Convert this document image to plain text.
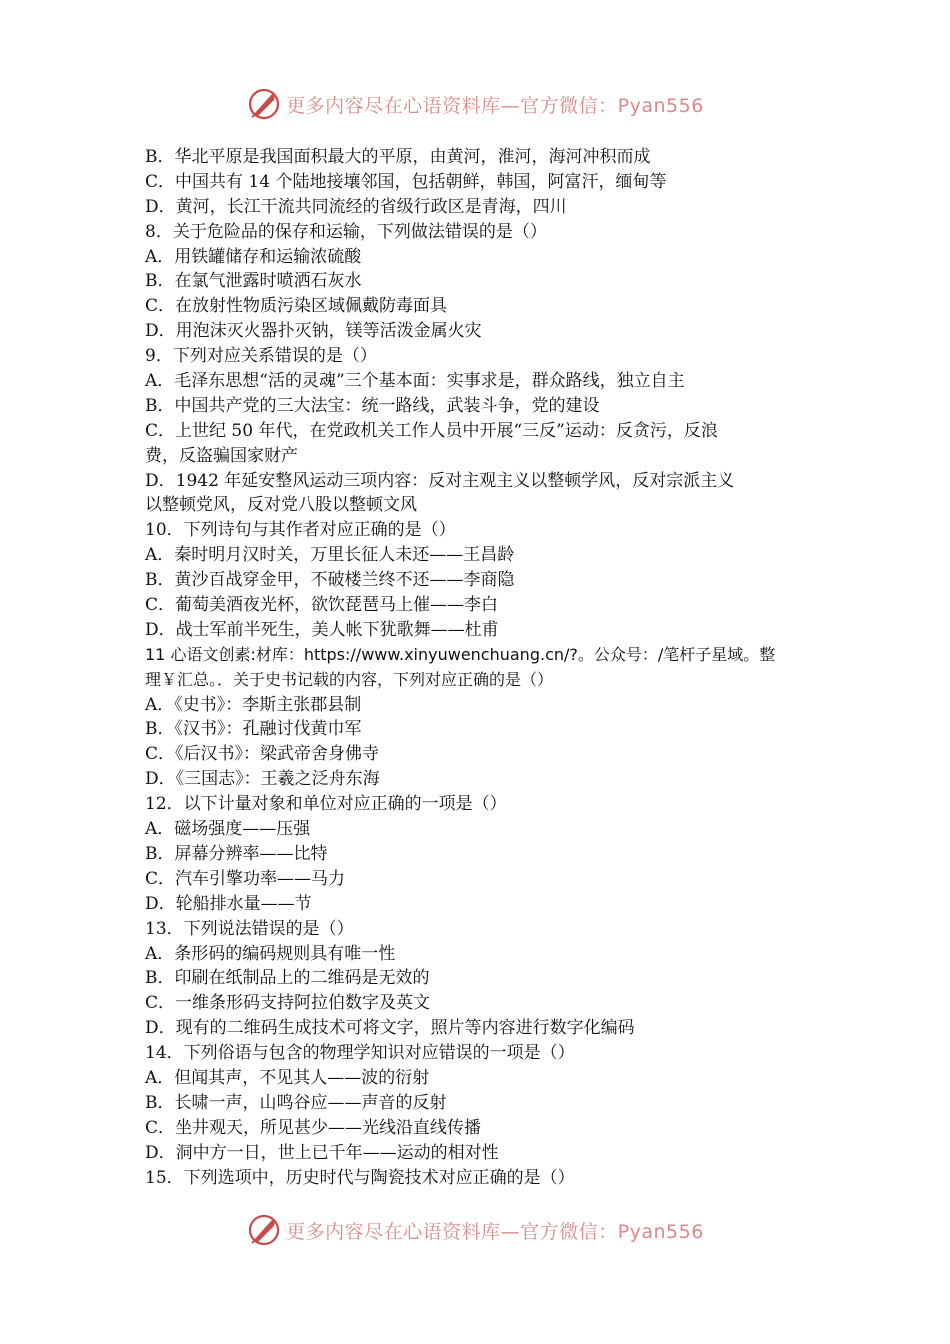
更多内容尽在心语资料库—官方微信：Pyan556
B．华北平原是我国面积最大的平原，由黄河，淮河，海河冲积而成
C．中国共有 14 个陆地接壤邻国，包括朝鲜，韩国，阿富汗，缅甸等
D．黄河，长江干流共同流经的省级行政区是青海，四川
8．关于危险品的保存和运输，下列做法错误的是（）
A．用铁罐储存和运输浓硫酸
B．在氯气泄露时喷洒石灰水
C．在放射性物质污染区域佩戴防毒面具
D．用泡沫灭火器扑灭钠，镁等活泼金属火灾
9．下列对应关系错误的是（）
A．毛泽东思想“活的灵魂”三个基本面：实事求是，群众路线，独立自主
B．中国共产党的三大法宝：统一路线，武装斗争，党的建设
C．上世纪 50 年代，在党政机关工作人员中开展“三反”运动：反贪污，反浪
费，反盗骗国家财产
D．1942 年延安整风运动三项内容：反对主观主义以整顿学风，反对宗派主义
以整顿党风，反对党八股以整顿文风
10．下列诗句与其作者对应正确的是（）
A．秦时明月汉时关，万里长征人未还——王昌龄
B．黄沙百战穿金甲，不破楼兰终不还——李商隐
C．葡萄美酒夜光杯，欲饮琵琶马上催——李白
D．战士军前半死生，美人帐下犹歌舞——杜甫
11 心语文创素:材库：https://www.xinyuwenchuang.cn/?。公众号：/笔杆子星域。整
理￥汇总。．关于史书记载的内容，下列对应正确的是（）
A．《史书》：李斯主张郡县制
B．《汉书》：孔融讨伐黄巾军
C．《后汉书》：梁武帝舍身佛寺
D．《三国志》：王羲之泛舟东海
12．以下计量对象和单位对应正确的一项是（）
A．磁场强度——压强
B．屏幕分辨率——比特
C．汽车引擎功率——马力
D．轮船排水量——节
13．下列说法错误的是（）
A．条形码的编码规则具有唯一性
B．印刷在纸制品上的二维码是无效的
C．一维条形码支持阿拉伯数字及英文
D．现有的二维码生成技术可将文字，照片等内容进行数字化编码
14．下列俗语与包含的物理学知识对应错误的一项是（）
A．但闻其声，不见其人——波的衍射
B．长啸一声，山鸣谷应——声音的反射
C．坐井观天，所见甚少——光线沿直线传播
D．洞中方一日，世上已千年——运动的相对性
15．下列选项中，历史时代与陶瓷技术对应正确的是（）
更多内容尽在心语资料库—官方微信：Pyan556
